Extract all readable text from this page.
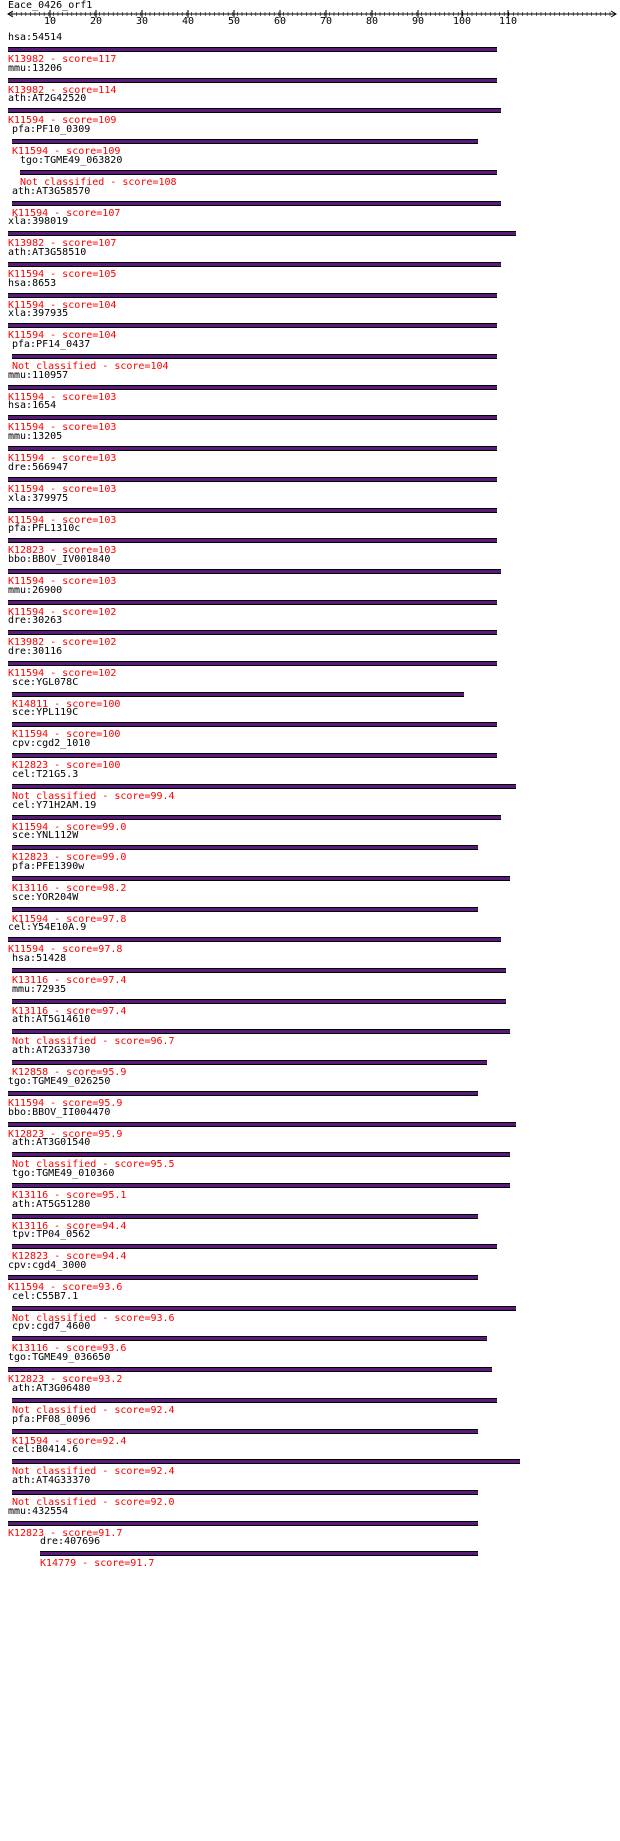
Eace_0426_orf1
10	20	30	40	50	60	70	80	90	100	110
hsa:54514
K13982 - score=117
mmu:13206
K13982 - score=114
ath:AT2G42520
K11594 - score=109
pfa:PF10_0309
K11594 - score=109
tgo:TGME49_063820
Not classified - score=108
ath:AT3G58570
K11594 - score=107
xla:398019
K13982 - score=107
ath:AT3G58510
K11594 - score=105
hsa:8653
K11594 - score=104
xla:397935
K11594 - score=104
pfa:PF14_0437
Not classified - score=104
mmu:110957
K11594 - score=103
hsa:1654
K11594 - score=103
mmu:13205
K11594 - score=103
dre:566947
K11594 - score=103
xla:379975
K11594 - score=103
pfa:PFL1310c
K12823 - score=103
bbo:BBOV_IV001840
K11594 - score=103
mmu:26900
K11594 - score=102
dre:30263
K13982 - score=102
dre:30116
K11594 - score=102
sce:YGL078C
K14811 - score=100
sce:YPL119C
K11594 - score=100
cpv:cgd2_1010
K12823 - score=100
cel:T21G5.3
Not classified - score=99.4
cel:Y71H2AM.19
K11594 - score=99.0
sce:YNL112W
K12823 - score=99.0
pfa:PFE1390w
K13116 - score=98.2
sce:YOR204W
K11594 - score=97.8
cel:Y54E10A.9
K11594 - score=97.8
hsa:51428
K13116 - score=97.4
mmu:72935
K13116 - score=97.4
ath:AT5G14610
Not classified - score=96.7
ath:AT2G33730
K12858 - score=95.9
tgo:TGME49_026250
K11594 - score=95.9
bbo:BBOV_II004470
K12823 - score=95.9
ath:AT3G01540
Not classified - score=95.5
tgo:TGME49_010360
K13116 - score=95.1
ath:AT5G51280
K13116 - score=94.4
tpv:TP04_0562
K12823 - score=94.4
cpv:cgd4_3000
K11594 - score=93.6
cel:C55B7.1
Not classified - score=93.6
cpv:cgd7_4600
K13116 - score=93.6
tgo:TGME49_036650
K12823 - score=93.2
ath:AT3G06480
Not classified - score=92.4
pfa:PF08_0096
K11594 - score=92.4
cel:B0414.6
Not classified - score=92.4
ath:AT4G33370
Not classified - score=92.0
mmu:432554
K12823 - score=91.7
dre:407696
K14779 - score=91.7
